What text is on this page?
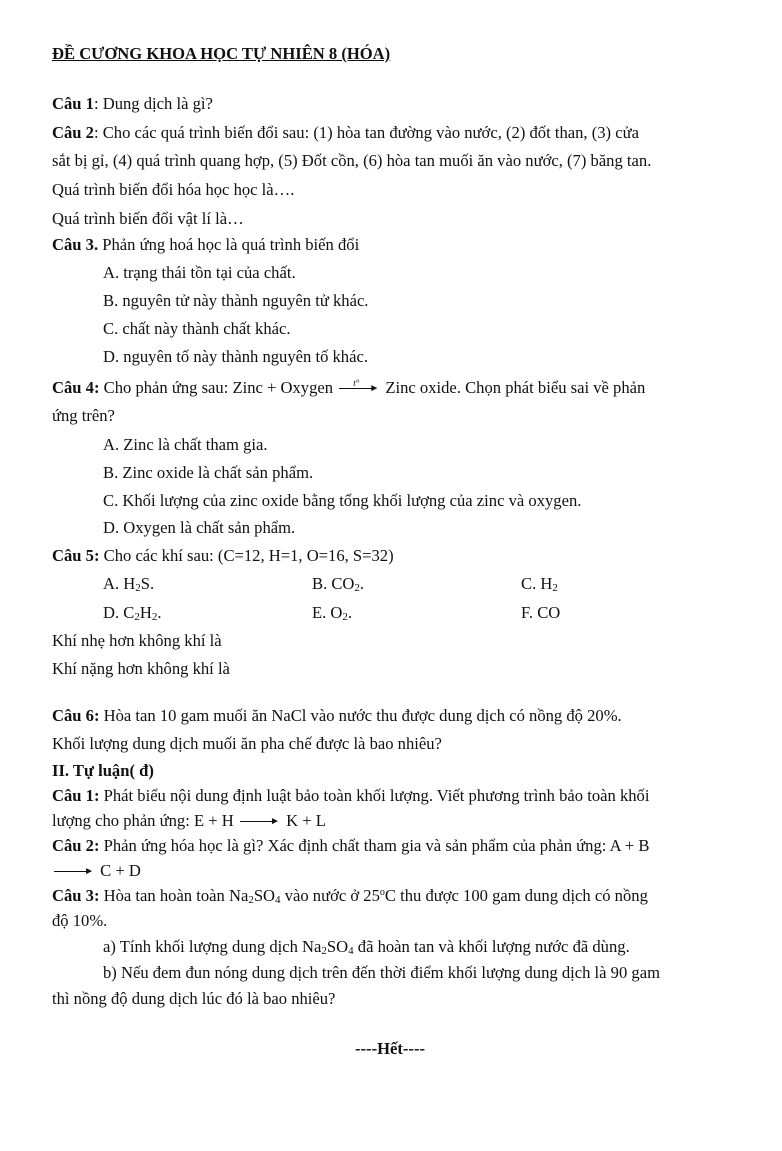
ĐỀ CƯƠNG KHOA HỌC TỰ NHIÊN 8 (HÓA)
Câu 1: Dung dịch là gì?
Câu 2: Cho các quá trình biến đổi sau: (1) hòa tan đường vào nước, (2) đốt than, (3) cửa
sắt bị gỉ, (4) quá trình quang hợp, (5) Đốt cồn, (6) hòa tan muối ăn vào nước, (7) băng tan.
Quá trình biến đổi hóa học học là….
Quá trình biến đổi vật lí là…
Câu 3. Phản ứng hoá học là quá trình biến đổi
A. trạng thái tồn tại của chất.
B. nguyên tử này thành nguyên tử khác.
C. chất này thành chất khác.
D. nguyên tố này thành nguyên tố khác.
Câu 4: Cho phản ứng sau: Zinc + Oxygen	►
t° Zinc oxide. Chọn phát biểu sai về phản
ứng trên?
A. Zinc là chất tham gia.
B. Zinc oxide là chất sản phẩm.
C. Khối lượng của zinc oxide bằng tổng khối lượng của zinc và oxygen.
D. Oxygen là chất sản phẩm.
Câu 5: Cho các khí sau: (C=12, H=1, O=16, S=32)
A. $H_2S$.	B. $CO_2$.	C. $H_2$
D. $C_2H_2$.	E. $O_2$.	F. CO
Khí nhẹ hơn không khí là
Khí nặng hơn không khí là
Câu 6: Hòa tan 10 gam muối ăn NaCl vào nước thu được dung dịch có nồng độ 20%.
Khối lượng dung dịch muối ăn pha chế được là bao nhiêu?
II. Tự luận( đ)
Câu 1: Phát biểu nội dung định luật bảo toàn khối lượng. Viết phương trình bảo toàn khối
lượng cho phản ứng: E + H	► K + L
Câu 2: Phản ứng hóa học là gì? Xác định chất tham gia và sản phẩm của phản ứng: A + B
► C + D
Câu 3: Hòa tan hoàn toàn $Na_2SO_4$ vào nước ở 25$^o$C thu được 100 gam dung dịch có nồng
độ 10%.
a) Tính khối lượng dung dịch $Na_2SO_4$ đã hoàn tan và khối lượng nước đã dùng.
b) Nếu đem đun nóng dung dịch trên đến thời điểm khối lượng dung dịch là 90 gam
thì nồng độ dung dịch lúc đó là bao nhiêu?
----Hết----
